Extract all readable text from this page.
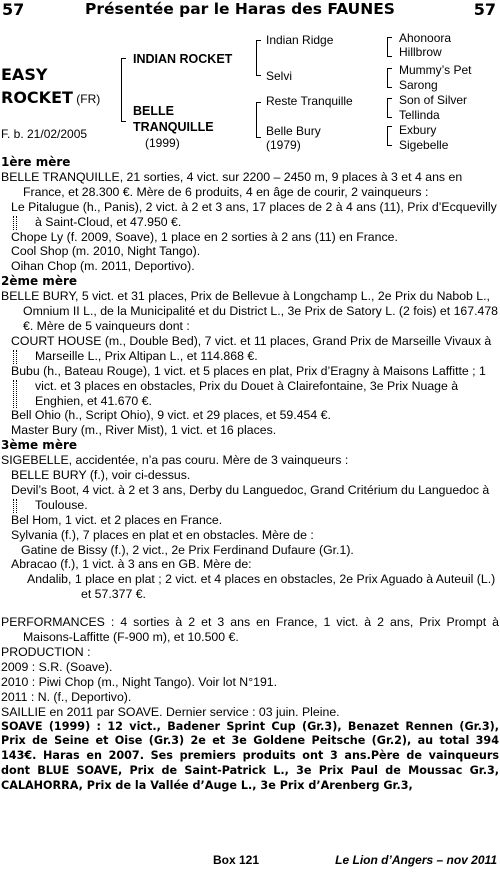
57	Présentée par le Haras des FAUNES	57
EASY
ROCKET (FR)
F. b. 21/02/2005
INDIAN ROCKET
BELLE
TRANQUILLE
(1999)
Indian Ridge
Selvi
Reste Tranquille
Belle Bury
(1979)
Ahonoora
Hillbrow
Mummy’s Pet
Sarong
Son of Silver
Tellinda
Exbury
Sigebelle

1ère mère

BELLE TRANQUILLE, 21 sorties, 4 vict. sur 2200 – 2450 m, 9 places à 3 et 4 ans en France, et 28.300 €. Mère de 6 produits, 4 en âge de courir, 2 vainqueurs :

Le Pitalugue (h., Panis), 2 vict. à 2 et 3 ans, 17 places de 2 à 4 ans (11), Prix d’Ecquevilly à Saint-Cloud, et 47.950 €.

Chope Ly (f. 2009, Soave), 1 place en 2 sorties à 2 ans (11) en France.

Cool Shop (m. 2010, Night Tango).

Oihan Chop (m. 2011, Deportivo).

2ème mère

BELLE BURY, 5 vict. et 31 places, Prix de Bellevue à Longchamp L., 2e Prix du Nabob L., Omnium II L., de la Municipalité et du District L., 3e Prix de Satory L. (2 fois) et 167.478 €. Mère de 5 vainqueurs dont :

COURT HOUSE (m., Double Bed), 7 vict. et 11 places, Grand Prix de Marseille Vivaux à Marseille L., Prix Altipan L., et 114.868 €.

Bubu (h., Bateau Rouge), 1 vict. et 5 places en plat, Prix d’Eragny à Maisons Laffitte ; 1 vict. et 3 places en obstacles, Prix du Douet à Clairefontaine, 3e Prix Nuage à Enghien, et 41.670 €.

Bell Ohio (h., Script Ohio), 9 vict. et 29 places, et 59.454 €.

Master Bury (m., River Mist), 1 vict. et 16 places.

3ème mère

SIGEBELLE, accidentée, n’a pas couru. Mère de 3 vainqueurs :

BELLE BURY (f.), voir ci-dessus.

Devil’s Boot, 4 vict. à 2 et 3 ans, Derby du Languedoc, Grand Critérium du Languedoc à Toulouse.

Bel Hom, 1 vict. et 2 places en France.

Sylvania (f.), 7 places en plat et en obstacles. Mère de :

Gatine de Bissy (f.), 2 vict., 2e Prix Ferdinand Dufaure (Gr.1).

Abracao (f.), 1 vict. à 3 ans en GB. Mère de:

Andalib, 1 place en plat ; 2 vict. et 4 places en obstacles, 2e Prix Aguado à Auteuil (L.) et 57.377 €.

PERFORMANCES : 4 sorties à 2 et 3 ans en France, 1 vict. à 2 ans, Prix Prompt à Maisons-Laffitte (F-900 m), et 10.500 €.

PRODUCTION :

2009 : S.R. (Soave).

2010 : Piwi Chop (m., Night Tango). Voir lot N°191.

2011 : N. (f., Deportivo).

SAILLIE en 2011 par SOAVE. Dernier service : 03 juin. Pleine.

SOAVE (1999) : 12 vict., Badener Sprint Cup (Gr.3), Benazet Rennen (Gr.3), Prix de Seine et Oise (Gr.3) 2e et 3e Goldene Peitsche (Gr.2), au total 394 143€. Haras en 2007. Ses premiers produits ont 3 ans.Père de vainqueurs dont BLUE SOAVE, Prix de Saint-Patrick L., 3e Prix Paul de Moussac Gr.3, CALAHORRA, Prix de la Vallée d’Auge L., 3e Prix d’Arenberg Gr.3,

Box 121	Le Lion d’Angers – nov 2011
